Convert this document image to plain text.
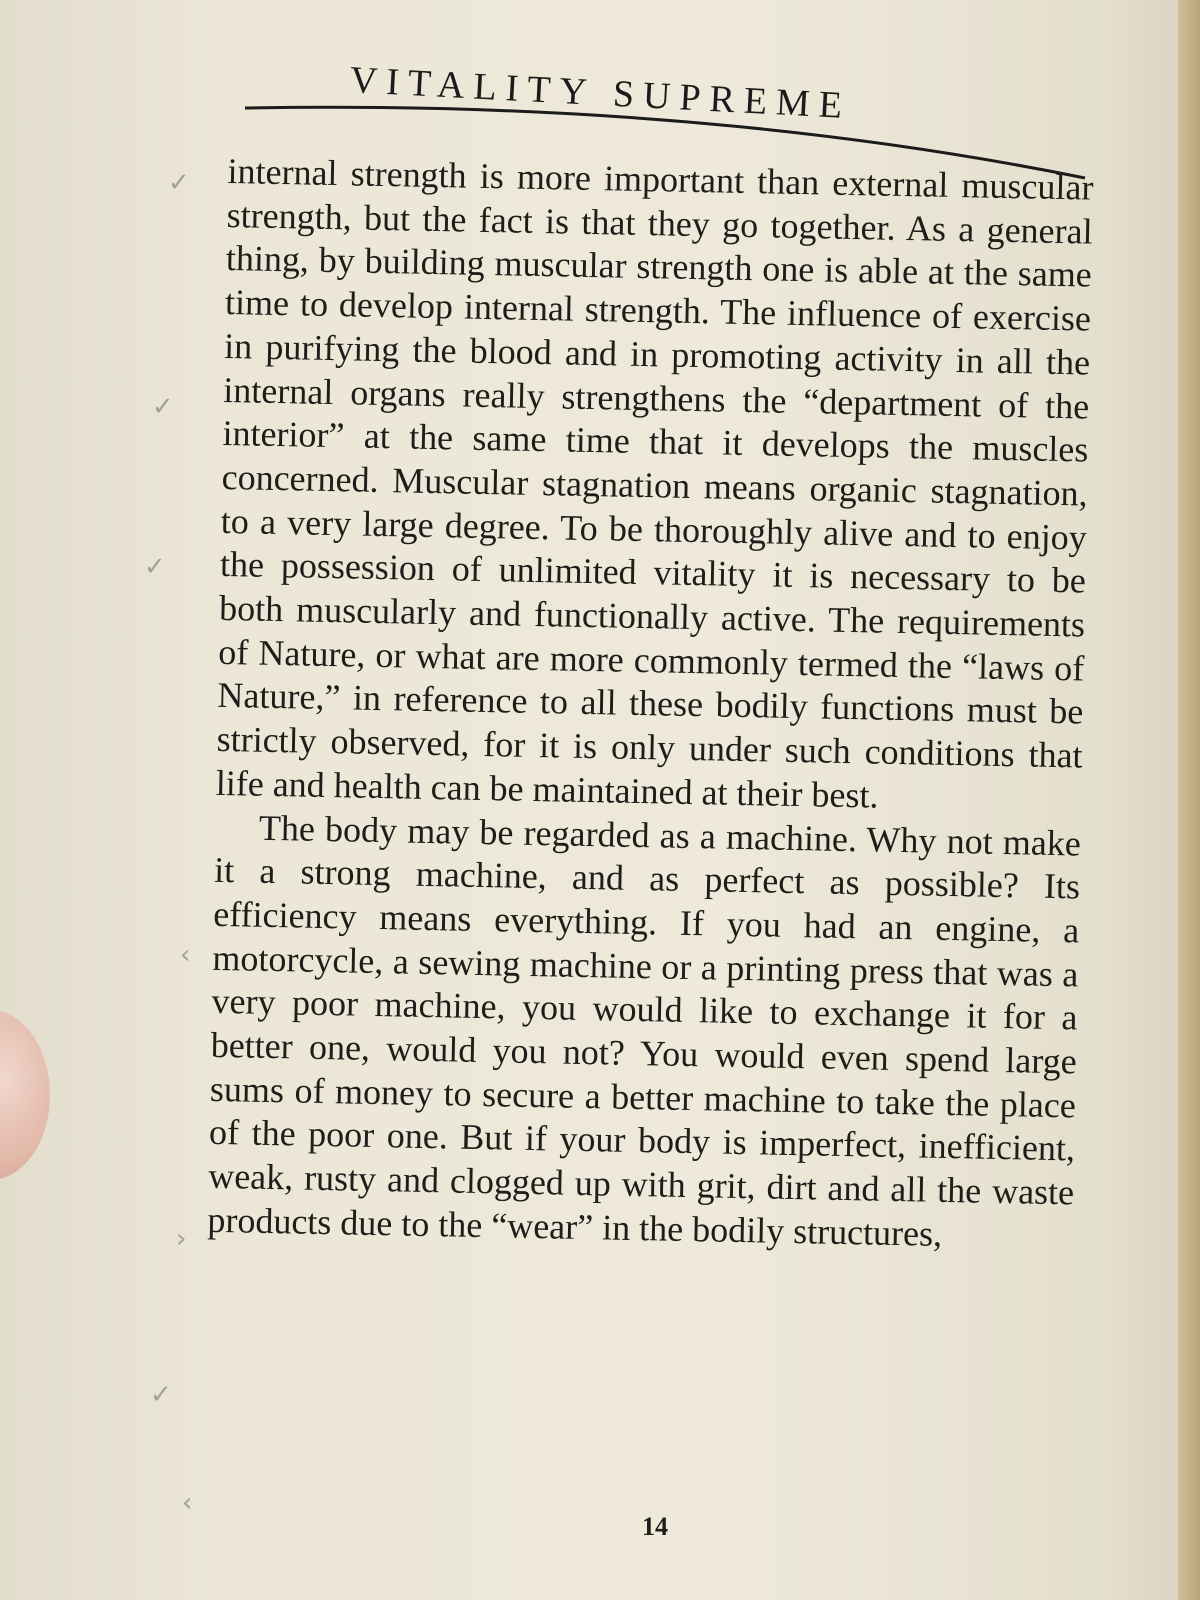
VITALITY SUPREME

internal strength is more important than external muscular strength, but the fact is that they go together. As a general thing, by building muscular strength one is able at the same time to develop internal strength. The influence of exercise in purifying the blood and in promoting activity in all the internal organs really strengthens the “department of the interior” at the same time that it develops the muscles concerned. Muscular stagnation means organic stagnation, to a very large degree. To be thoroughly alive and to enjoy the possession of unlimited vitality it is necessary to be both muscularly and functionally active. The requirements of Nature, or what are more commonly termed the “laws of Nature,” in reference to all these bodily functions must be strictly observed, for it is only under such conditions that life and health can be maintained at their best.

The body may be regarded as a machine. Why not make it a strong machine, and as perfect as possible? Its efficiency means everything. If you had an engine, a motorcycle, a sewing machine or a printing press that was a very poor machine, you would like to exchange it for a better one, would you not? You would even spend large sums of money to secure a better machine to take the place of the poor one. But if your body is imperfect, inefficient, weak, rusty and clogged up with grit, dirt and all the waste products due to the “wear” in the bodily structures,

✓
✓
✓
‹
›
✓
‹
14
